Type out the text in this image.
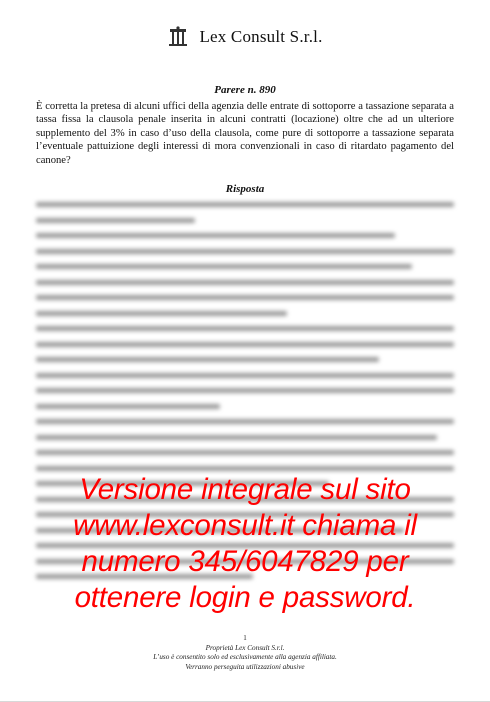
Lex Consult S.r.l.
Parere n. 890
È corretta la pretesa di alcuni uffici della agenzia delle entrate di sottoporre a tassazione separata a tassa fissa la clausola penale inserita in alcuni contratti (locazione) oltre che ad un ulteriore supplemento del 3% in caso d’uso della clausola, come pure di sottoporre a tassazione separata l’eventuale pattuizione degli interessi di mora convenzionali in caso di ritardato pagamento del canone?
Risposta
Versione integrale sul sito
www.lexconsult.it chiama il
numero 345/6047829 per
ottenere login e password.
1
Proprietà Lex Consult S.r.l.
L’uso è consentito solo ed esclusivamente alla agenzia affiliata.
Verranno perseguita utilizzazioni abusive
